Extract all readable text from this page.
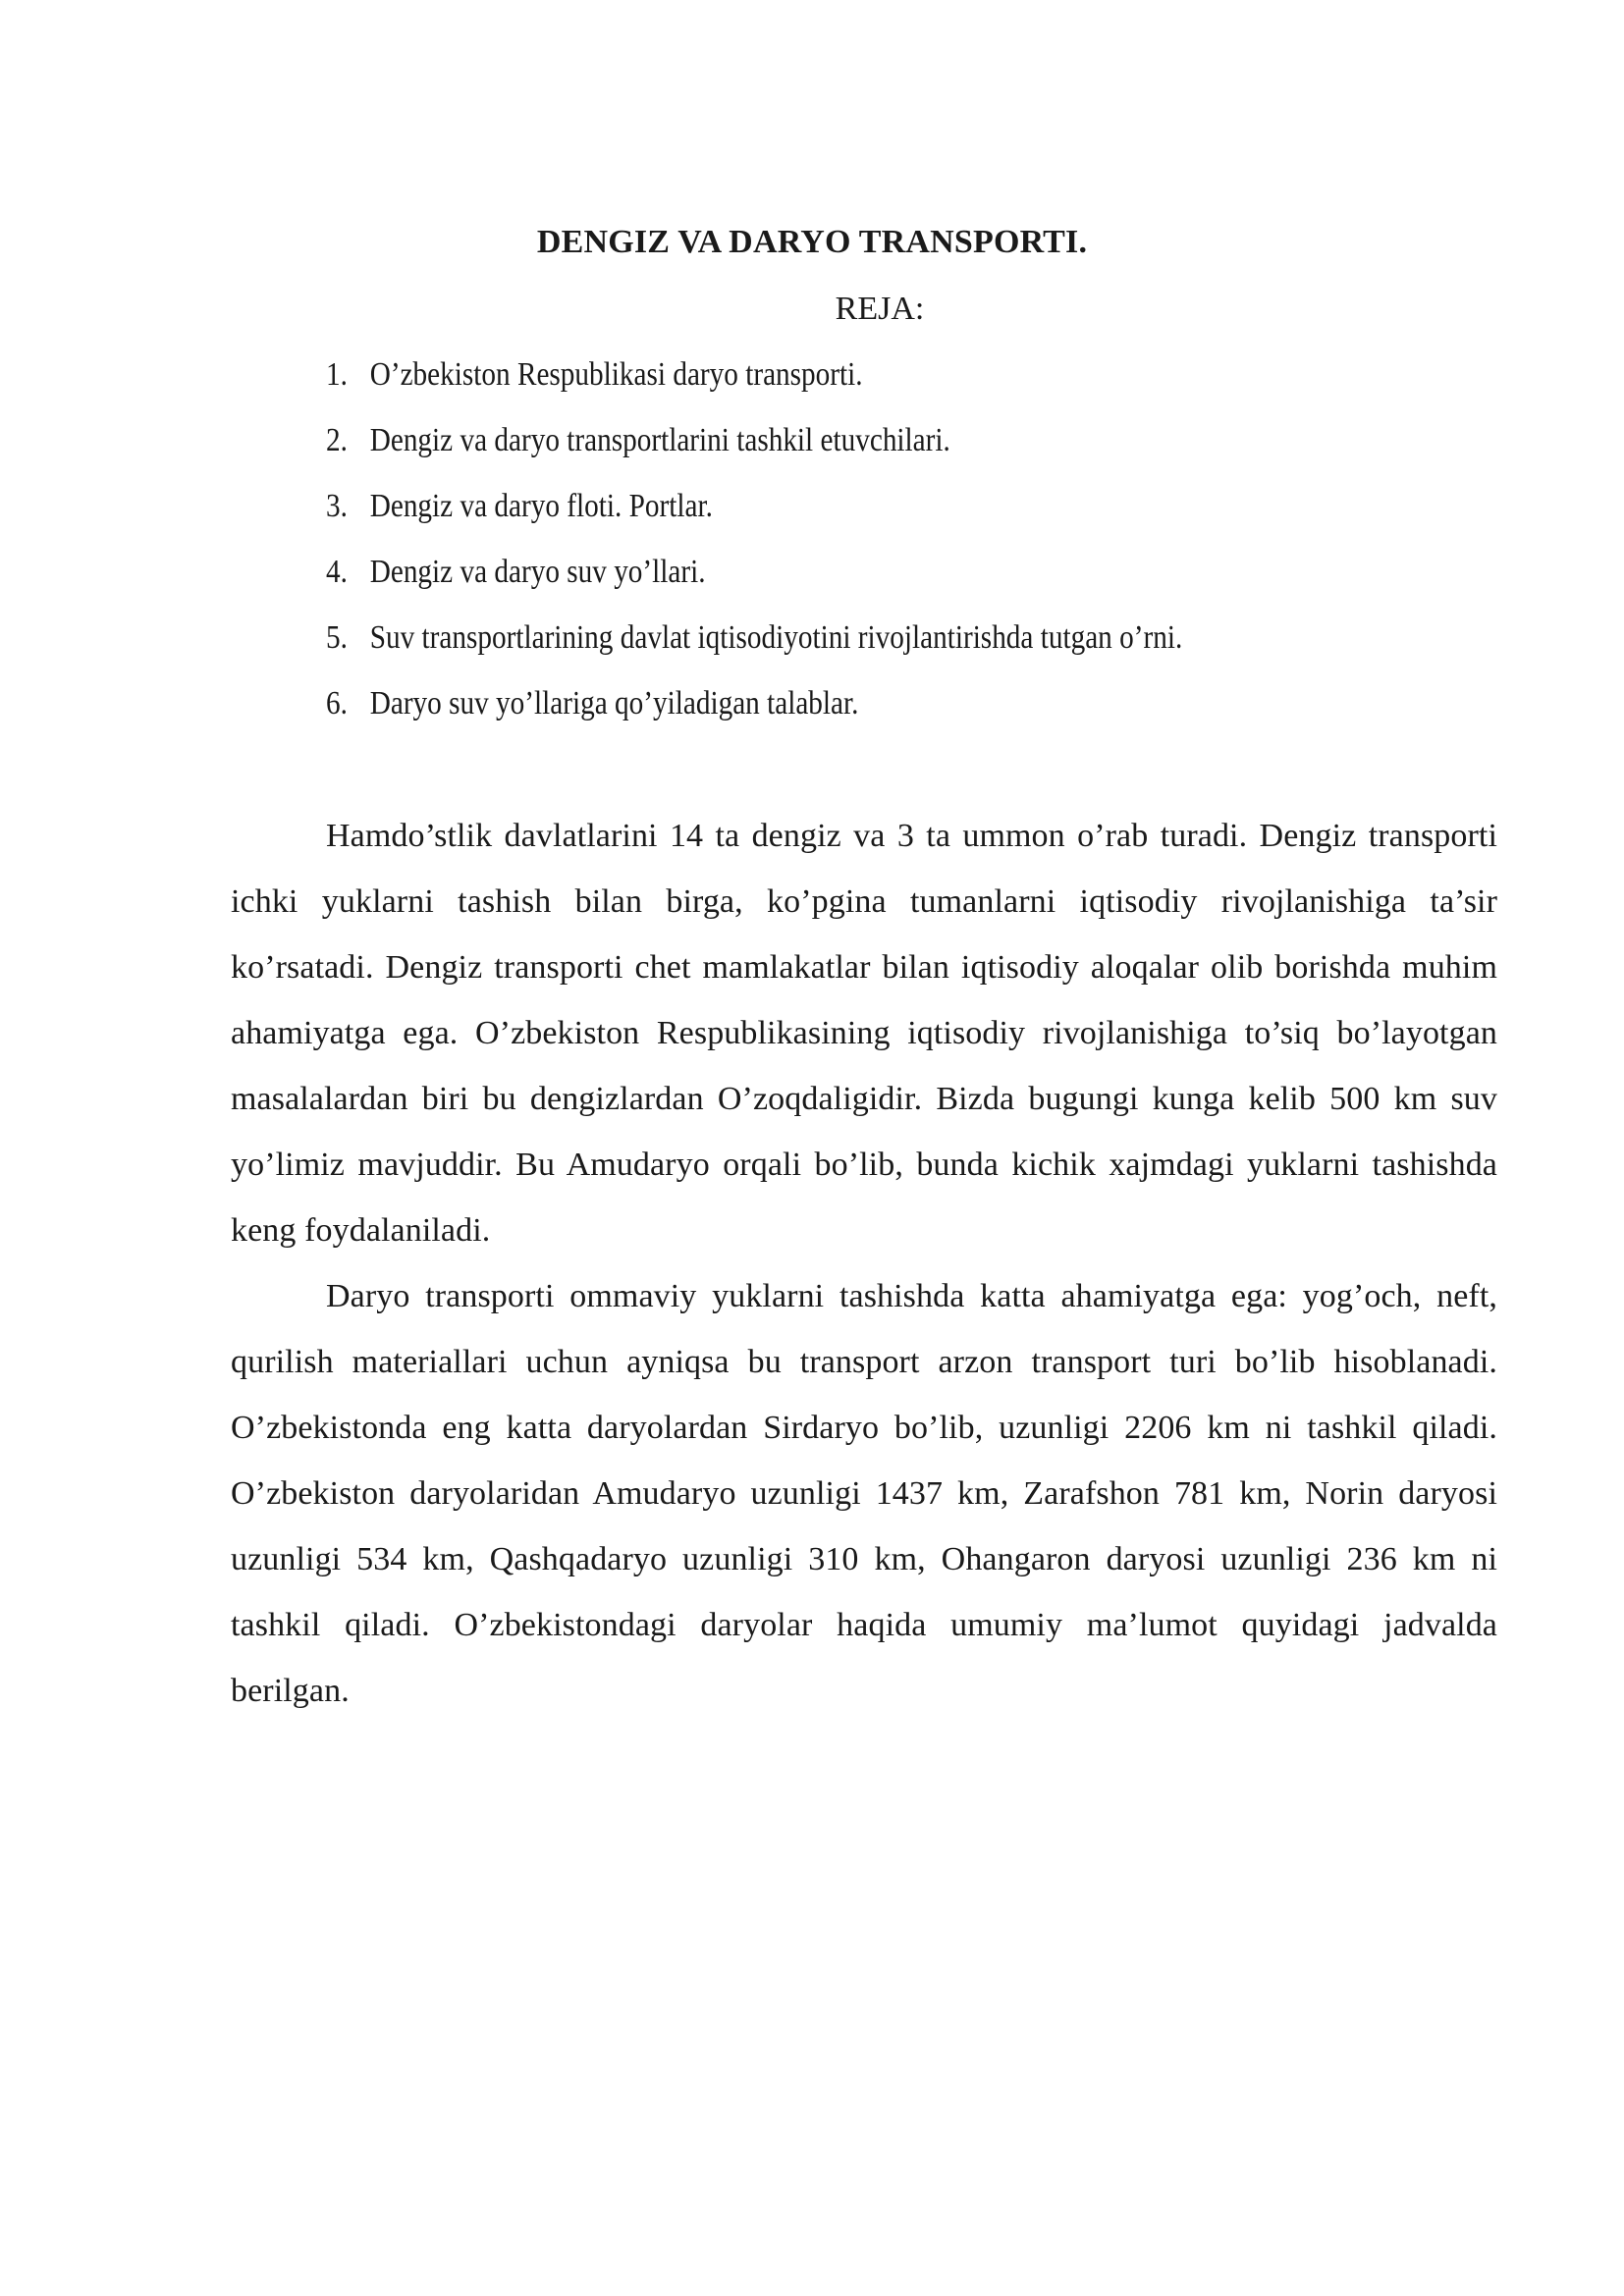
DENGIZ VA DARYO TRANSPORTI.
REJA:
1. O’zbekiston Respublikasi daryo transporti.
2. Dengiz va daryo transportlarini tashkil etuvchilari.
3. Dengiz va daryo floti. Portlar.
4. Dengiz va daryo suv yo’llari.
5. Suv transportlarining davlat iqtisodiyotini rivojlantirishda tutgan o’rni.
6. Daryo suv yo’llariga qo’yiladigan talablar.

Hamdo’stlik davlatlarini 14 ta dengiz va 3 ta ummon o’rab turadi. Dengiz transporti ichki yuklarni tashish bilan birga, ko’pgina tumanlarni iqtisodiy rivojlanishiga ta’sir ko’rsatadi. Dengiz transporti chet mamlakatlar bilan iqtisodiy aloqalar olib borishda muhim ahamiyatga ega. O’zbekiston Respublikasining iqtisodiy rivojlanishiga to’siq bo’layotgan masalalardan biri bu dengizlardan O’zoqdaligidir. Bizda bugungi kunga kelib 500 km suv yo’limiz mavjuddir. Bu Amudaryo orqali bo’lib, bunda kichik xajmdagi yuklarni tashishda keng foydalaniladi.

Daryo transporti ommaviy yuklarni tashishda katta ahamiyatga ega: yog’och, neft, qurilish materiallari uchun ayniqsa bu transport arzon transport turi bo’lib hisoblanadi. O’zbekistonda eng katta daryolardan Sirdaryo bo’lib, uzunligi 2206 km ni tashkil qiladi. O’zbekiston daryolaridan Amudaryo uzunligi 1437 km, Zarafshon 781 km, Norin daryosi uzunligi 534 km, Qashqadaryo uzunligi 310 km, Ohangaron daryosi uzunligi 236 km ni tashkil qiladi. O’zbekistondagi daryolar haqida umumiy ma’lumot quyidagi jadvalda berilgan.
